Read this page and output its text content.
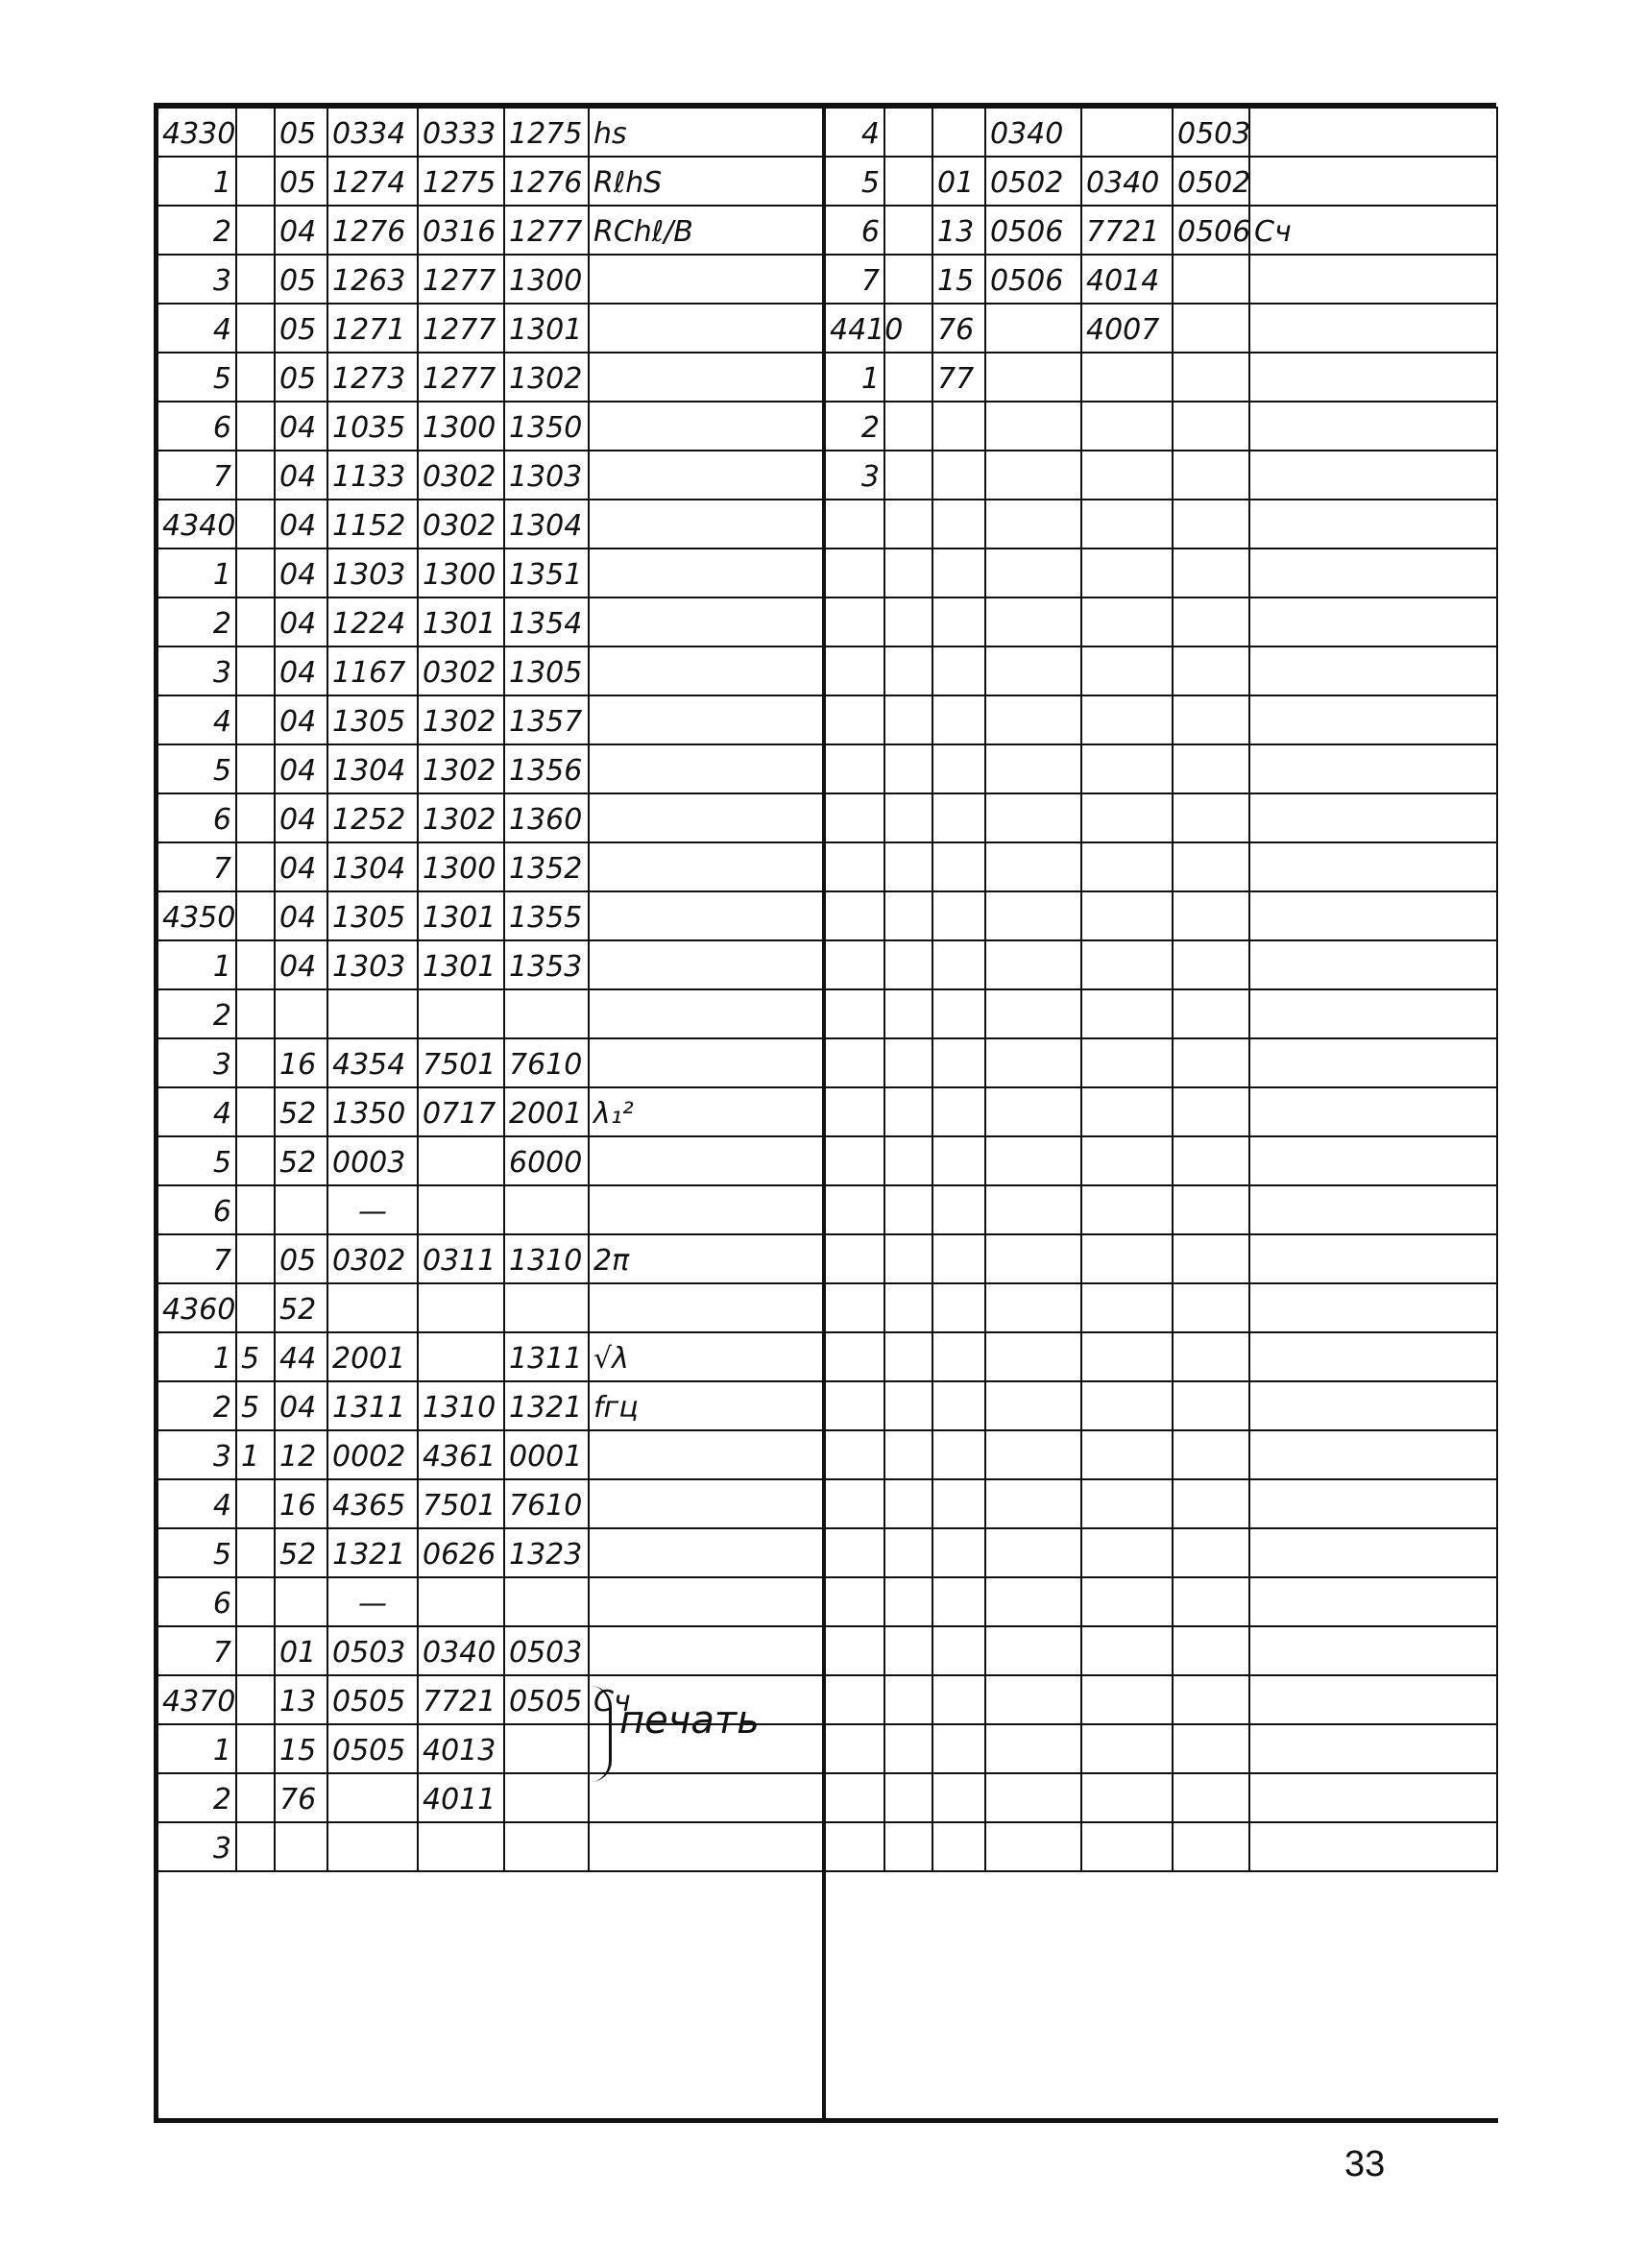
4330		05	0334	0333	1275	hs
1		05	1274	1275	1276	RℓhS
2		04	1276	0316	1277	RChℓ/B
3		05	1263	1277	1300	
4		05	1271	1277	1301	
5		05	1273	1277	1302	
6		04	1035	1300	1350	
7		04	1133	0302	1303	
4340		04	1152	0302	1304	
1		04	1303	1300	1351	
2		04	1224	1301	1354	
3		04	1167	0302	1305	
4		04	1305	1302	1357	
5		04	1304	1302	1356	
6		04	1252	1302	1360	
7		04	1304	1300	1352	
4350		04	1305	1301	1355	
1		04	1303	1301	1353	
2						
3		16	4354	7501	7610	
4		52	1350	0717	2001	λ₁²
5		52	0003		6000	
6			—			
7		05	0302	0311	1310	2π
4360		52				
1	5	44	2001		1311	√λ
2	5	04	1311	1310	1321	fгц
3	1	12	0002	4361	0001	
4		16	4365	7501	7610	
5		52	1321	0626	1323	
6			—			
7		01	0503	0340	0503	
4370		13	0505	7721	0505	Сч
1		15	0505	4013		
2		76		4011		
3						
4			0340		0503	
5		01	0502	0340	0502	
6		13	0506	7721	0506	Сч
7		15	0506	4014		
4410		76		4007		
1		77				
2						
3						

печать
33
